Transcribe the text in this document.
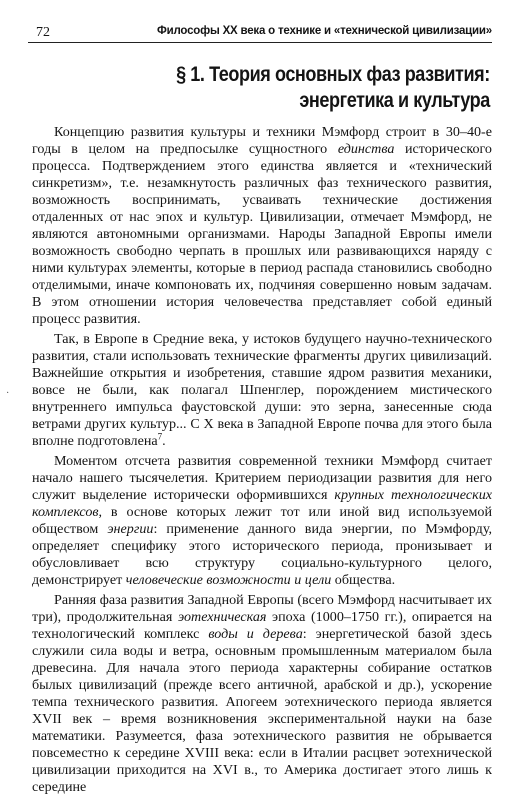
72	Философы XX века о технике и «технической цивилизации»
§ 1. Теория основных фаз развития:
энергетика и культура
·

Концепцию развития культуры и техники Мэмфорд строит в 30–40-е годы в целом на предпосылке сущностного единства исторического процесса. Подтверждением этого единства является и «технический синкретизм», т.е. незамкнутость различных фаз технического развития, возможность воспринимать, усваивать технические достижения отдаленных от нас эпох и культур. Цивилизации, отмечает Мэмфорд, не являются автономными организмами. Народы Западной Европы имели возможность свободно черпать в прошлых или развивающихся наряду с ними культурах элементы, которые в период распада становились свободно отделимыми, иначе компоновать их, подчиняя совершенно новым задачам. В этом отношении история человечества представляет собой единый процесс развития.

Так, в Европе в Средние века, у истоков будущего научно-технического развития, стали использовать технические фрагменты других цивилизаций. Важнейшие открытия и изобретения, ставшие ядром развития механики, вовсе не были, как полагал Шпенглер, порождением мистического внутреннего импульса фаустовской души: это зерна, занесенные сюда ветрами других культур... С X века в Западной Европе почва для этого была вполне подготовлена$^7$.

Моментом отсчета развития современной техники Мэмфорд считает начало нашего тысячелетия. Критерием периодизации развития для него служит выделение исторически оформившихся крупных технологических комплексов, в основе которых лежит тот или иной вид используемой обществом энергии: применение данного вида энергии, по Мэмфорду, определяет специфику этого исторического периода, пронизывает и обусловливает всю структуру социально-культурного целого, демонстрирует человеческие возможности и цели общества.

Ранняя фаза развития Западной Европы (всего Мэмфорд насчитывает их три), продолжительная эотехническая эпоха (1000–1750 гг.), опирается на технологический комплекс воды и дерева: энергетической базой здесь служили сила воды и ветра, основным промышленным материалом была древесина. Для начала этого периода характерны собирание остатков былых цивилизаций (прежде всего античной, арабской и др.), ускорение темпа технического развития. Апогеем эотехнического периода является XVII век – время возникновения экспериментальной науки на базе математики. Разумеется, фаза эотехнического развития не обрывается повсеместно к середине XVIII века: если в Италии расцвет эотехнической цивилизации приходится на XVI в., то Америка достигает этого лишь к середине
